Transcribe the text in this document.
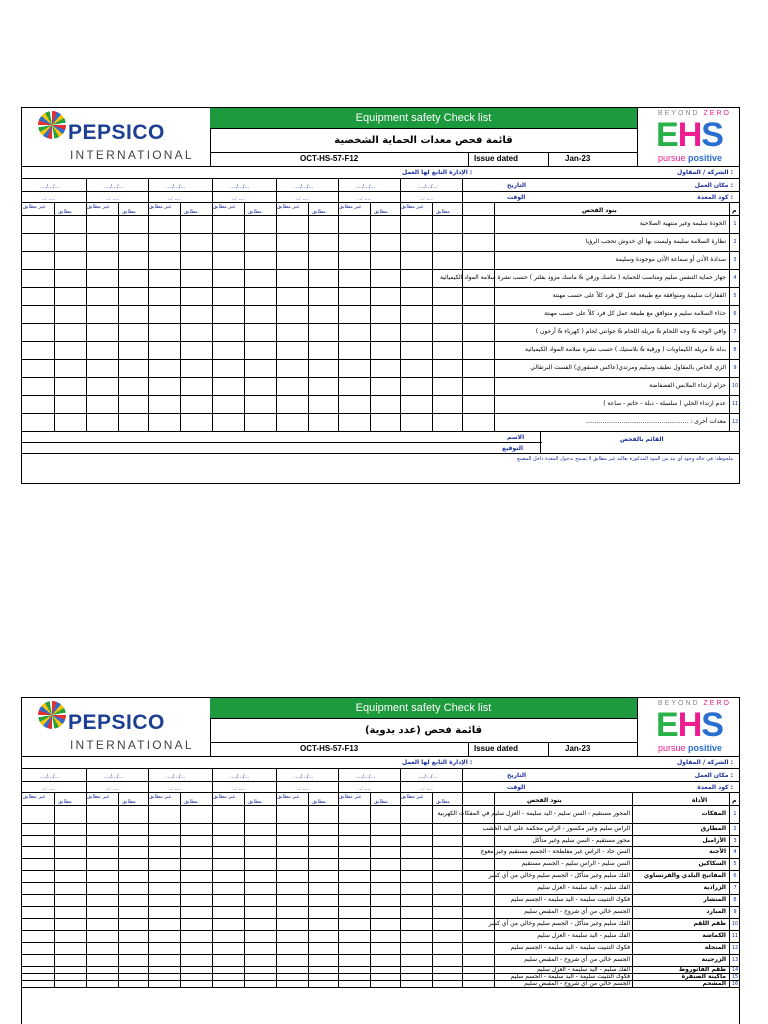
PEPSICO
INTERNATIONAL
Equipment safety Check list
قائمة فحص معدات الحماية الشخصية
OCT-HS-57-F12	Issue dated	Jan-23
BEYOND ZERO
EHS
pursue positive
الشركة / المقاول :
الإدارة التابع لها العمل :
مكان العمل :
التاريخ
كود المعدة :
الوقت
..../.../...
..: ....
غير مطابق
مطابق
..../.../...
..: ....
غير مطابق
مطابق
..../.../...
..: ....
غير مطابق
مطابق
..../.../...
..: ....
غير مطابق
مطابق
..../.../...
..: ....
غير مطابق
مطابق
..../.../...
..: ....
غير مطابق
مطابق
..../.../...
..: ....
غير مطابق
مطابق	بنود الفحص	م
1
الخوذة سليمة وغير منتهية الصلاحية
2
نظارة السلامة سليمة وليست بها أي خدوش تحجب الرؤيا
3
سدادة الأذن أو سماعة الأذن موجودة وسليمة
4
جهاز حماية التنفس سليم ومناسب للحماية ( ماسك ورقي & ماسك مزود بفلتر ) حسب نشرة سلامة المواد الكيميائية
5
القفازات سليمة ومتوافقة مع طبيعة عمل كل فرد كلاً على حسب مهنتة
6
حذاء السلامة سليم و متوافق مع طبيعة عمل كل فرد كلاً على حسب مهنتة
7
واقي الوجه & وجه اللحام & مريلة اللحام & جوانتي لحام ( كهرباء & أرجون )
8
بدلة & مريلة الكيماويات ( ورقية & بلاستيك ) حسب نشرة سلامة المواد الكيميائية
9
الزي الخاص بالمقاول نظيف وسليم ومرتدي(عاكس فسفوري) الفست البرتقالي
10
حزام ارتداء الملابس الفضفاضة
11
عدم ارتداء الحلي ( سلسلة - دبلة - خاتم - ساعة )
12
معدات أخرى : ......................................................
القائم بالفحص
الاسم
التوقيع
ملحوظة: في حالة وجود أي بند من البنود المذكورة بعاليه غير مطابق لا يسمح بدخول المعدة داخل المصنع
PEPSICO
INTERNATIONAL
Equipment safety Check list
قائمة فحص (عدد يدوية)
OCT-HS-57-F13	Issue dated	Jan-23
BEYOND ZERO
EHS
pursue positive
الشركة / المقاول :
الإدارة التابع لها العمل :
مكان العمل :
التاريخ
كود المعدة :
الوقت
..../.../...
..: ....
غير مطابق
مطابق
..../.../...
..: ....
غير مطابق
مطابق
..../.../...
..: ....
غير مطابق
مطابق
..../.../...
..: ....
غير مطابق
مطابق
..../.../...
..: ....
غير مطابق
مطابق
..../.../...
..: ....
غير مطابق
مطابق
..../.../...
..: ....
غير مطابق
مطابق	بنود الفحص	الأداة	م
1
المفكات
المحور مستقيم - السن سليم - اليد سليمة - العزل سليم في المفكات الكهربية
2
المطارق
الراس سليم وغير مكسور - الراس محكمة على اليد الخشب
3
الأزاميل
محور مستقيم - السن سليم وغير متآكل
4
الأجنة
السن حاد - الراس غير مفلطحة - الجسم مستقيم وغير معوج
5
السكاكين
السن سليم - الراس سليم - الجسم مستقيم
6
المفاتيح البلدي والفرنساوي
الفك سليم وغير متآكل - الجسم سليم وخالي من أي كسر
7
الزرادية
الفك سليم - اليد سليمة - العزل سليم
8
المنشار
فكوك التثبيت سليمة - اليد سليمة - الجسم سليم
9
المبارد
الجسم خالي من أي شروخ - المقبض سليم
10
طقم اللقم
الفك سليم وغير متآكل - الجسم سليم وخالي من أي كسر
11
الكماشة
الفك سليم - اليد سليمة - العزل سليم
12
المنجلة
فكوك التثبيت سليمة - اليد سليمة - الجسم سليم
13
الزرجينة
الجسم خالي من أي شروخ - المقبض سليم
14
طقم الفاتوروط
الفك سليم - اليد سليمة - العزل سليم
15
ماكينة الصنفرة
فكوك التثبيت سليمة - اليد سليمة - الجسم سليم
16
المشحم
الجسم خالي من أي شروخ - المقبض سليم
